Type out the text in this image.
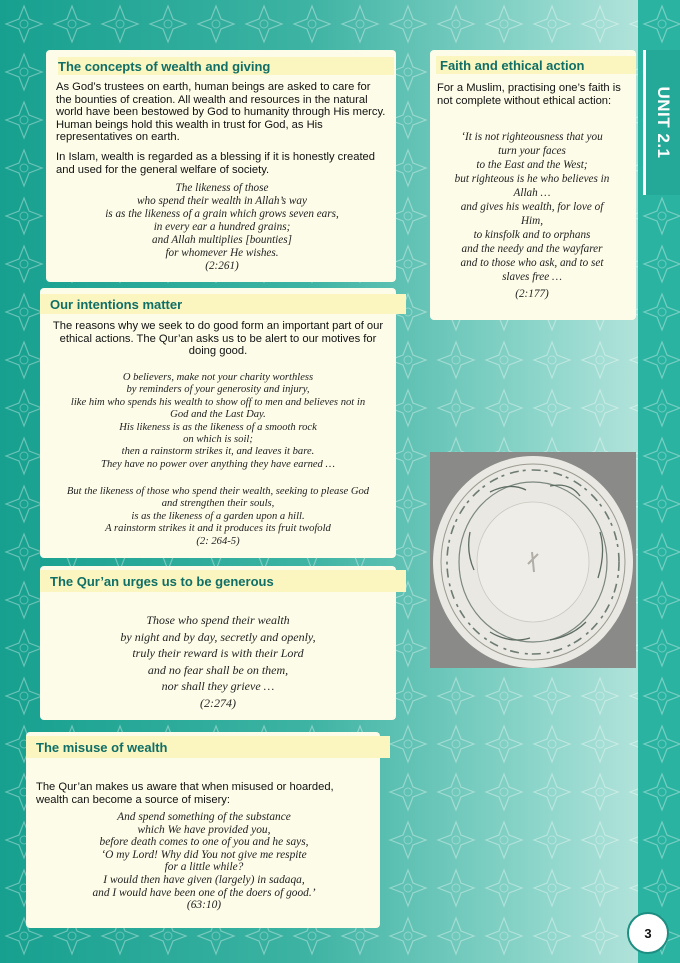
UNIT 2.1
The concepts of wealth and giving
As God’s trustees on earth, human beings are asked to care for the bounties of creation. All wealth and resources in the natural world have been bestowed by God to humanity through His mercy. Human beings hold this wealth in trust for God, as His representatives on earth.
In Islam, wealth is regarded as a blessing if it is honestly created and used for the general welfare of society.
The likeness of those
who spend their wealth in Allah’s way
is as the likeness of a grain which grows seven ears,
in every ear a hundred grains;
and Allah multiplies [bounties]
for whomever He wishes.
(2:261)
Faith and ethical action
For a Muslim, practising one’s faith is not complete without ethical action:
‘It is not righteousness that you
turn your faces
to the East and the West;
but righteous is he who believes in
Allah …
and gives his wealth, for love of
Him,
to kinsfolk and to orphans
and the needy and the wayfarer
and to those who ask, and to set
slaves free …
(2:177)
Our intentions matter
The reasons why we seek to do good form an important part of our ethical actions. The Qur’an asks us to be alert to our motives for doing good.
O believers, make not your charity worthless
by reminders of your generosity and injury,
like him who spends his wealth to show off to men and believes not in
God and the Last Day.
His likeness is as the likeness of a smooth rock
on which is soil;
then a rainstorm strikes it, and leaves it bare.
They have no power over anything they have earned …
But the likeness of those who spend their wealth, seeking to please God
and strengthen their souls,
is as the likeness of a garden upon a hill.
A rainstorm strikes it and it produces its fruit twofold
(2: 264-5)
The Qur’an urges us to be generous
Those who spend their wealth
by night and by day, secretly and openly,
truly their reward is with their Lord
and no fear shall be on them,
nor shall they grieve …
(2:274)
The misuse of wealth
The Qur’an makes us aware that when misused or hoarded, wealth can become a source of misery:
And spend something of the substance
which We have provided you,
before death comes to one of you and he says,
‘O my Lord! Why did You not give me respite
for a little while?
I would then have given (largely) in sadaqa,
and I would have been one of the doers of good.’
(63:10)
3
